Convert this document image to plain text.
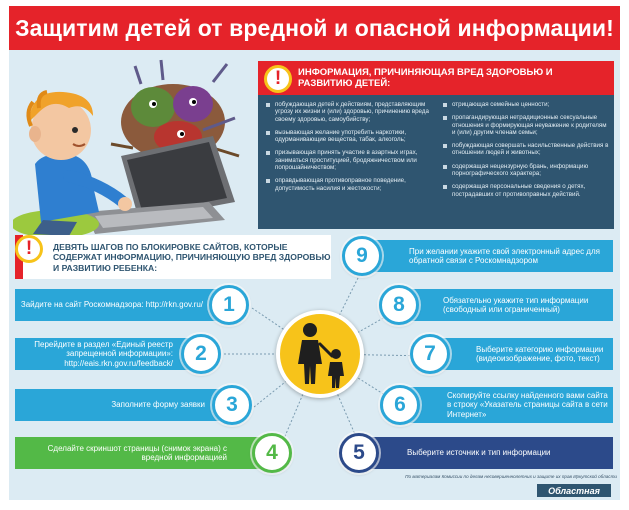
Защитим детей от вредной и опасной информации!
!	ИНФОРМАЦИЯ, ПРИЧИНЯЮЩАЯ ВРЕД ЗДОРОВЬЮ И РАЗВИТИЮ ДЕТЕЙ:
побуждающая детей к действиям, представляющим угрозу их жизни и (или) здоровью, причинению вреда своему здоровью, самоубийству;
вызывающая желание употребить наркотики, одурманивающие вещества, табак, алкоголь;
призывающая принять участие в азартных играх, заниматься проституцией, бродяжничеством или попрошайничеством;
оправдывающая противоправное поведение, допустимость насилия и жестокости;
отрицающая семейные ценности;
пропагандирующая нетрадиционные сексуальные отношения и формирующая неуважение к родителям и (или) другим членам семьи;
побуждающая совершать насильственные действия в отношении людей и животных;
содержащая нецензурную брань, информацию порнографического характера;
содержащая персональные сведения о детях, пострадавших от противоправных действий.
!	ДЕВЯТЬ ШАГОВ ПО БЛОКИРОВКЕ САЙТОВ, КОТОРЫЕ СОДЕРЖАТ ИНФОРМАЦИЮ, ПРИЧИНЯЮЩУЮ ВРЕД ЗДОРОВЬЮ И РАЗВИТИЮ РЕБЕНКА:
Зайдите на сайт Роскомнадзора: http://rkn.gov.ru/ 1
Перейдите в раздел «Единый реестр запрещенной информации»: http://eais.rkn.gov.ru/feedback/	2
Заполните форму заявки	3
Сделайте скриншот страницы (снимок экрана) с вредной информацией	4	Выберите источник и тип информации
5
Скопируйте ссылку найденного вами сайта в строку «Указатель страницы сайта в сети Интернет»
6
Выберите категорию информации (видеоизображение, фото, текст)
7
Обязательно укажите тип информации (свободный или ограниченный)
8
При желании укажите свой электронный адрес для обратной связи с Роскомнадзором
9
По материалам Комиссии по делам несовершеннолетних и защите их прав Иркутской области
Областная
